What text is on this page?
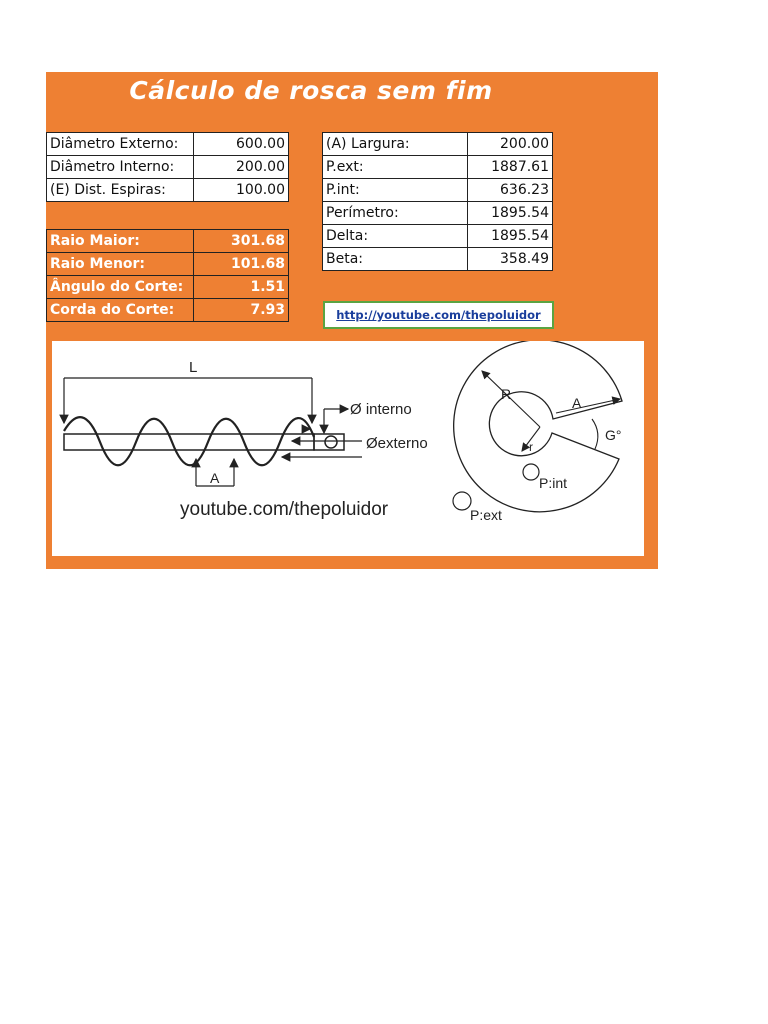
Cálculo de rosca sem fim
Diâmetro Externo:	600.00
Diâmetro Interno:	200.00
(E) Dist. Espiras:	100.00
Raio Maior:	301.68
Raio Menor:	101.68
Ângulo do Corte:	1.51
Corda do Corte:	7.93
(A) Largura:	200.00
P.ext:	1887.61
P.int:	636.23
Perímetro:	1895.54
Delta:	1895.54
Beta:	358.49
http://youtube.com/thepoluidor
L
Ø interno
Øexterno
A
youtube.com/thepoluidor
R
A
G°
r
P:int
P:ext
